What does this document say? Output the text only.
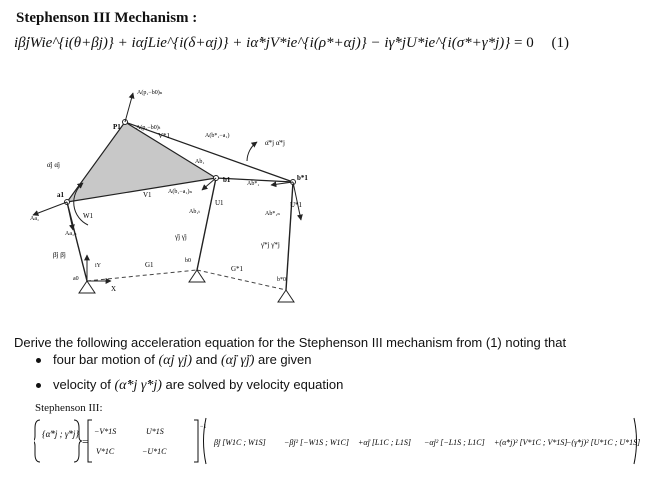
Stephenson III Mechanism :
iβ̇jWie^{i(θ+βj)} + iα̇jLie^{i(δ+αj)} + iα̇*jV*ie^{i(ρ*+αj)} − iγ̇*jU*ie^{i(σ*+γ*j)} = 0 (1)
A(p₁−b0)ₙ
P1	A(p₁−b0)ₜ
V*1	A(b*₁−a₁)
α̈*j α̇*j
α̈j α̇j	Ab₁
b1	Ab*₁
b*1
a1	V1	A(b₁−a₁)ₙ
U1	U*1
Aa₁	W1	Ab₁ₜ	Ab*₁ₙ
Aa₁ₙ	γ̈j γ̇j
γ̈*j γ̇*j
β̈j β̇j
iY	G1	b0
G*1
a0
X
b*0
Derive the following acceleration equation for the Stephenson III mechanism from (1) noting that
four bar motion of (α̇j γ̇j) and (α̈j γ̈j) are given
velocity of (α̇*j γ̇*j) are solved by velocity equation
Stephenson III:
{α̈*j ; γ̈*j}
=
−V*1S	U*1S
V*1C	−U*1C
−1
β̈j [W1C ; W1S] −β̇j² [−W1S ; W1C] +α̈j [L1C ; L1S] −α̇j² [−L1S ; L1C] +(α̇*j)² [V*1C ; V*1S]
−(γ̇*j)² [U*1C ; U*1S]
